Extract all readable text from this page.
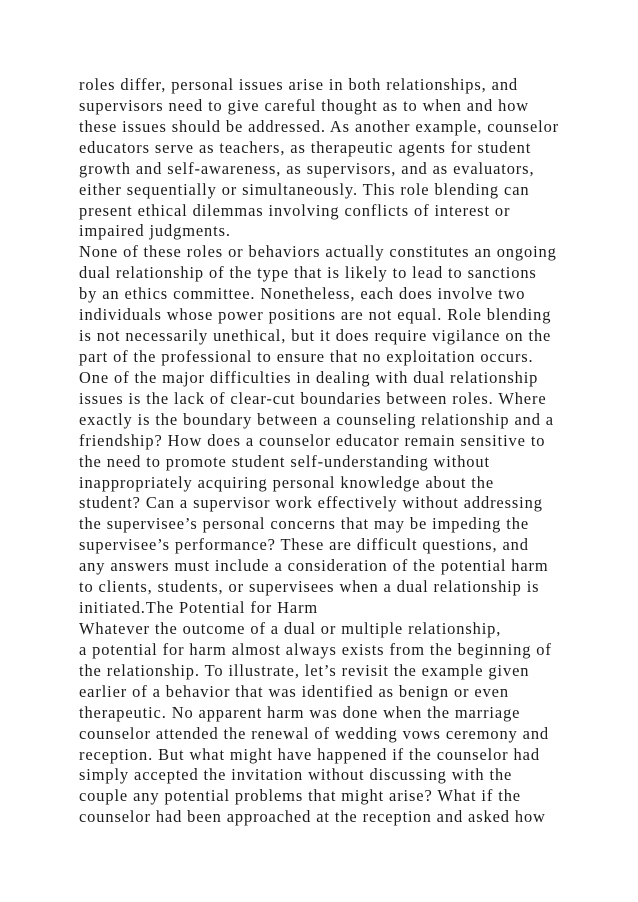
roles differ, personal issues arise in both relationships, and
supervisors need to give careful thought as to when and how
these issues should be addressed. As another example, counselor
educators serve as teachers, as therapeutic agents for student
growth and self-awareness, as supervisors, and as evaluators,
either sequentially or simultaneously. This role blending can
present ethical dilemmas involving conflicts of interest or
impaired judgments.
None of these roles or behaviors actually constitutes an ongoing
dual relationship of the type that is likely to lead to sanctions
by an ethics committee. Nonetheless, each does involve two
individuals whose power positions are not equal. Role blending
is not necessarily unethical, but it does require vigilance on the
part of the professional to ensure that no exploitation occurs.
One of the major difficulties in dealing with dual relationship
issues is the lack of clear-cut boundaries between roles. Where
exactly is the boundary between a counseling relationship and a
friendship? How does a counselor educator remain sensitive to
the need to promote student self-understanding without
inappropriately acquiring personal knowledge about the
student? Can a supervisor work effectively without addressing
the supervisee’s personal concerns that may be impeding the
supervisee’s performance? These are difficult questions, and
any answers must include a consideration of the potential harm
to clients, students, or supervisees when a dual relationship is
initiated.The Potential for Harm
Whatever the outcome of a dual or multiple relationship,
a potential for harm almost always exists from the beginning of
the relationship. To illustrate, let’s revisit the example given
earlier of a behavior that was identified as benign or even
therapeutic. No apparent harm was done when the marriage
counselor attended the renewal of wedding vows ceremony and
reception. But what might have happened if the counselor had
simply accepted the invitation without discussing with the
couple any potential problems that might arise? What if the
counselor had been approached at the reception and asked how
